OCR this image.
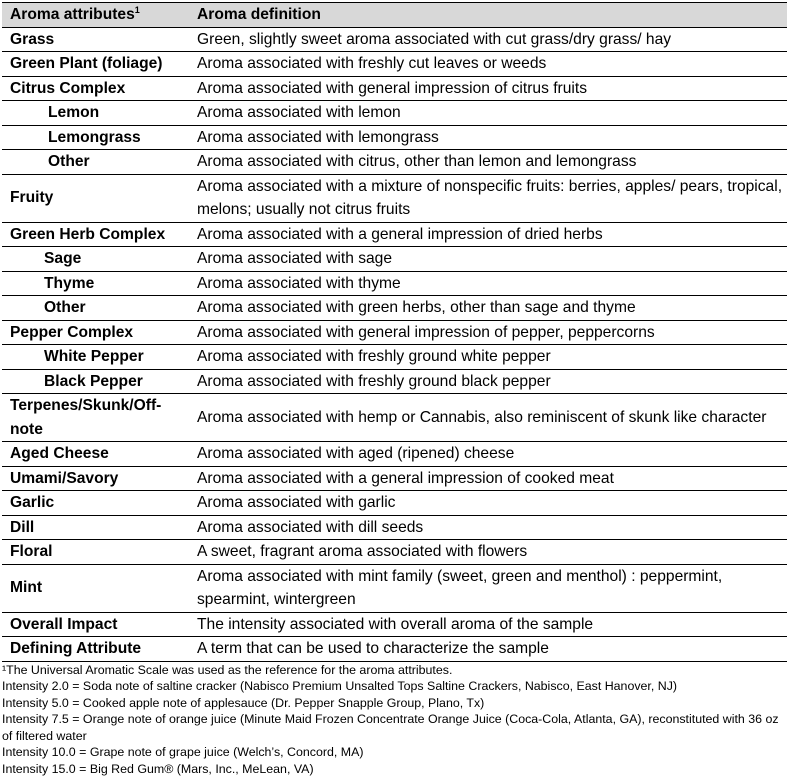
Aroma attributes$^1$	Aroma definition
Grass	Green, slightly sweet aroma associated with cut grass/dry grass/ hay
Green Plant (foliage)	Aroma associated with freshly cut leaves or weeds
Citrus Complex	Aroma associated with general impression of citrus fruits
Lemon	Aroma associated with lemon
Lemongrass	Aroma associated with lemongrass
Other	Aroma associated with citrus, other than lemon and lemongrass
Fruity	Aroma associated with a mixture of nonspecific fruits: berries, apples/ pears, tropical, melons; usually not citrus fruits
Green Herb Complex	Aroma associated with a general impression of dried herbs
Sage	Aroma associated with sage
Thyme	Aroma associated with thyme
Other	Aroma associated with green herbs, other than sage and thyme
Pepper Complex	Aroma associated with general impression of pepper, peppercorns
White Pepper	Aroma associated with freshly ground white pepper
Black Pepper	Aroma associated with freshly ground black pepper
Terpenes/Skunk/Off-note	Aroma associated with hemp or Cannabis, also reminiscent of skunk like character
Aged Cheese	Aroma associated with aged (ripened) cheese
Umami/Savory	Aroma associated with a general impression of cooked meat
Garlic	Aroma associated with garlic
Dill	Aroma associated with dill seeds
Floral	A sweet, fragrant aroma associated with flowers
Mint	Aroma associated with mint family (sweet, green and menthol) : peppermint, spearmint, wintergreen
Overall Impact	The intensity associated with overall aroma of the sample
Defining Attribute	A term that can be used to characterize the sample
¹The Universal Aromatic Scale was used as the reference for the aroma attributes.
Intensity 2.0 = Soda note of saltine cracker (Nabisco Premium Unsalted Tops Saltine Crackers, Nabisco, East Hanover, NJ)
Intensity 5.0 = Cooked apple note of applesauce (Dr. Pepper Snapple Group, Plano, Tx)
Intensity 7.5 = Orange note of orange juice (Minute Maid Frozen Concentrate Orange Juice (Coca-Cola, Atlanta, GA), reconstituted with 36 oz of filtered water
Intensity 10.0 = Grape note of grape juice (Welch’s, Concord, MA)
Intensity 15.0 = Big Red Gum® (Mars, Inc., MeLean, VA)
